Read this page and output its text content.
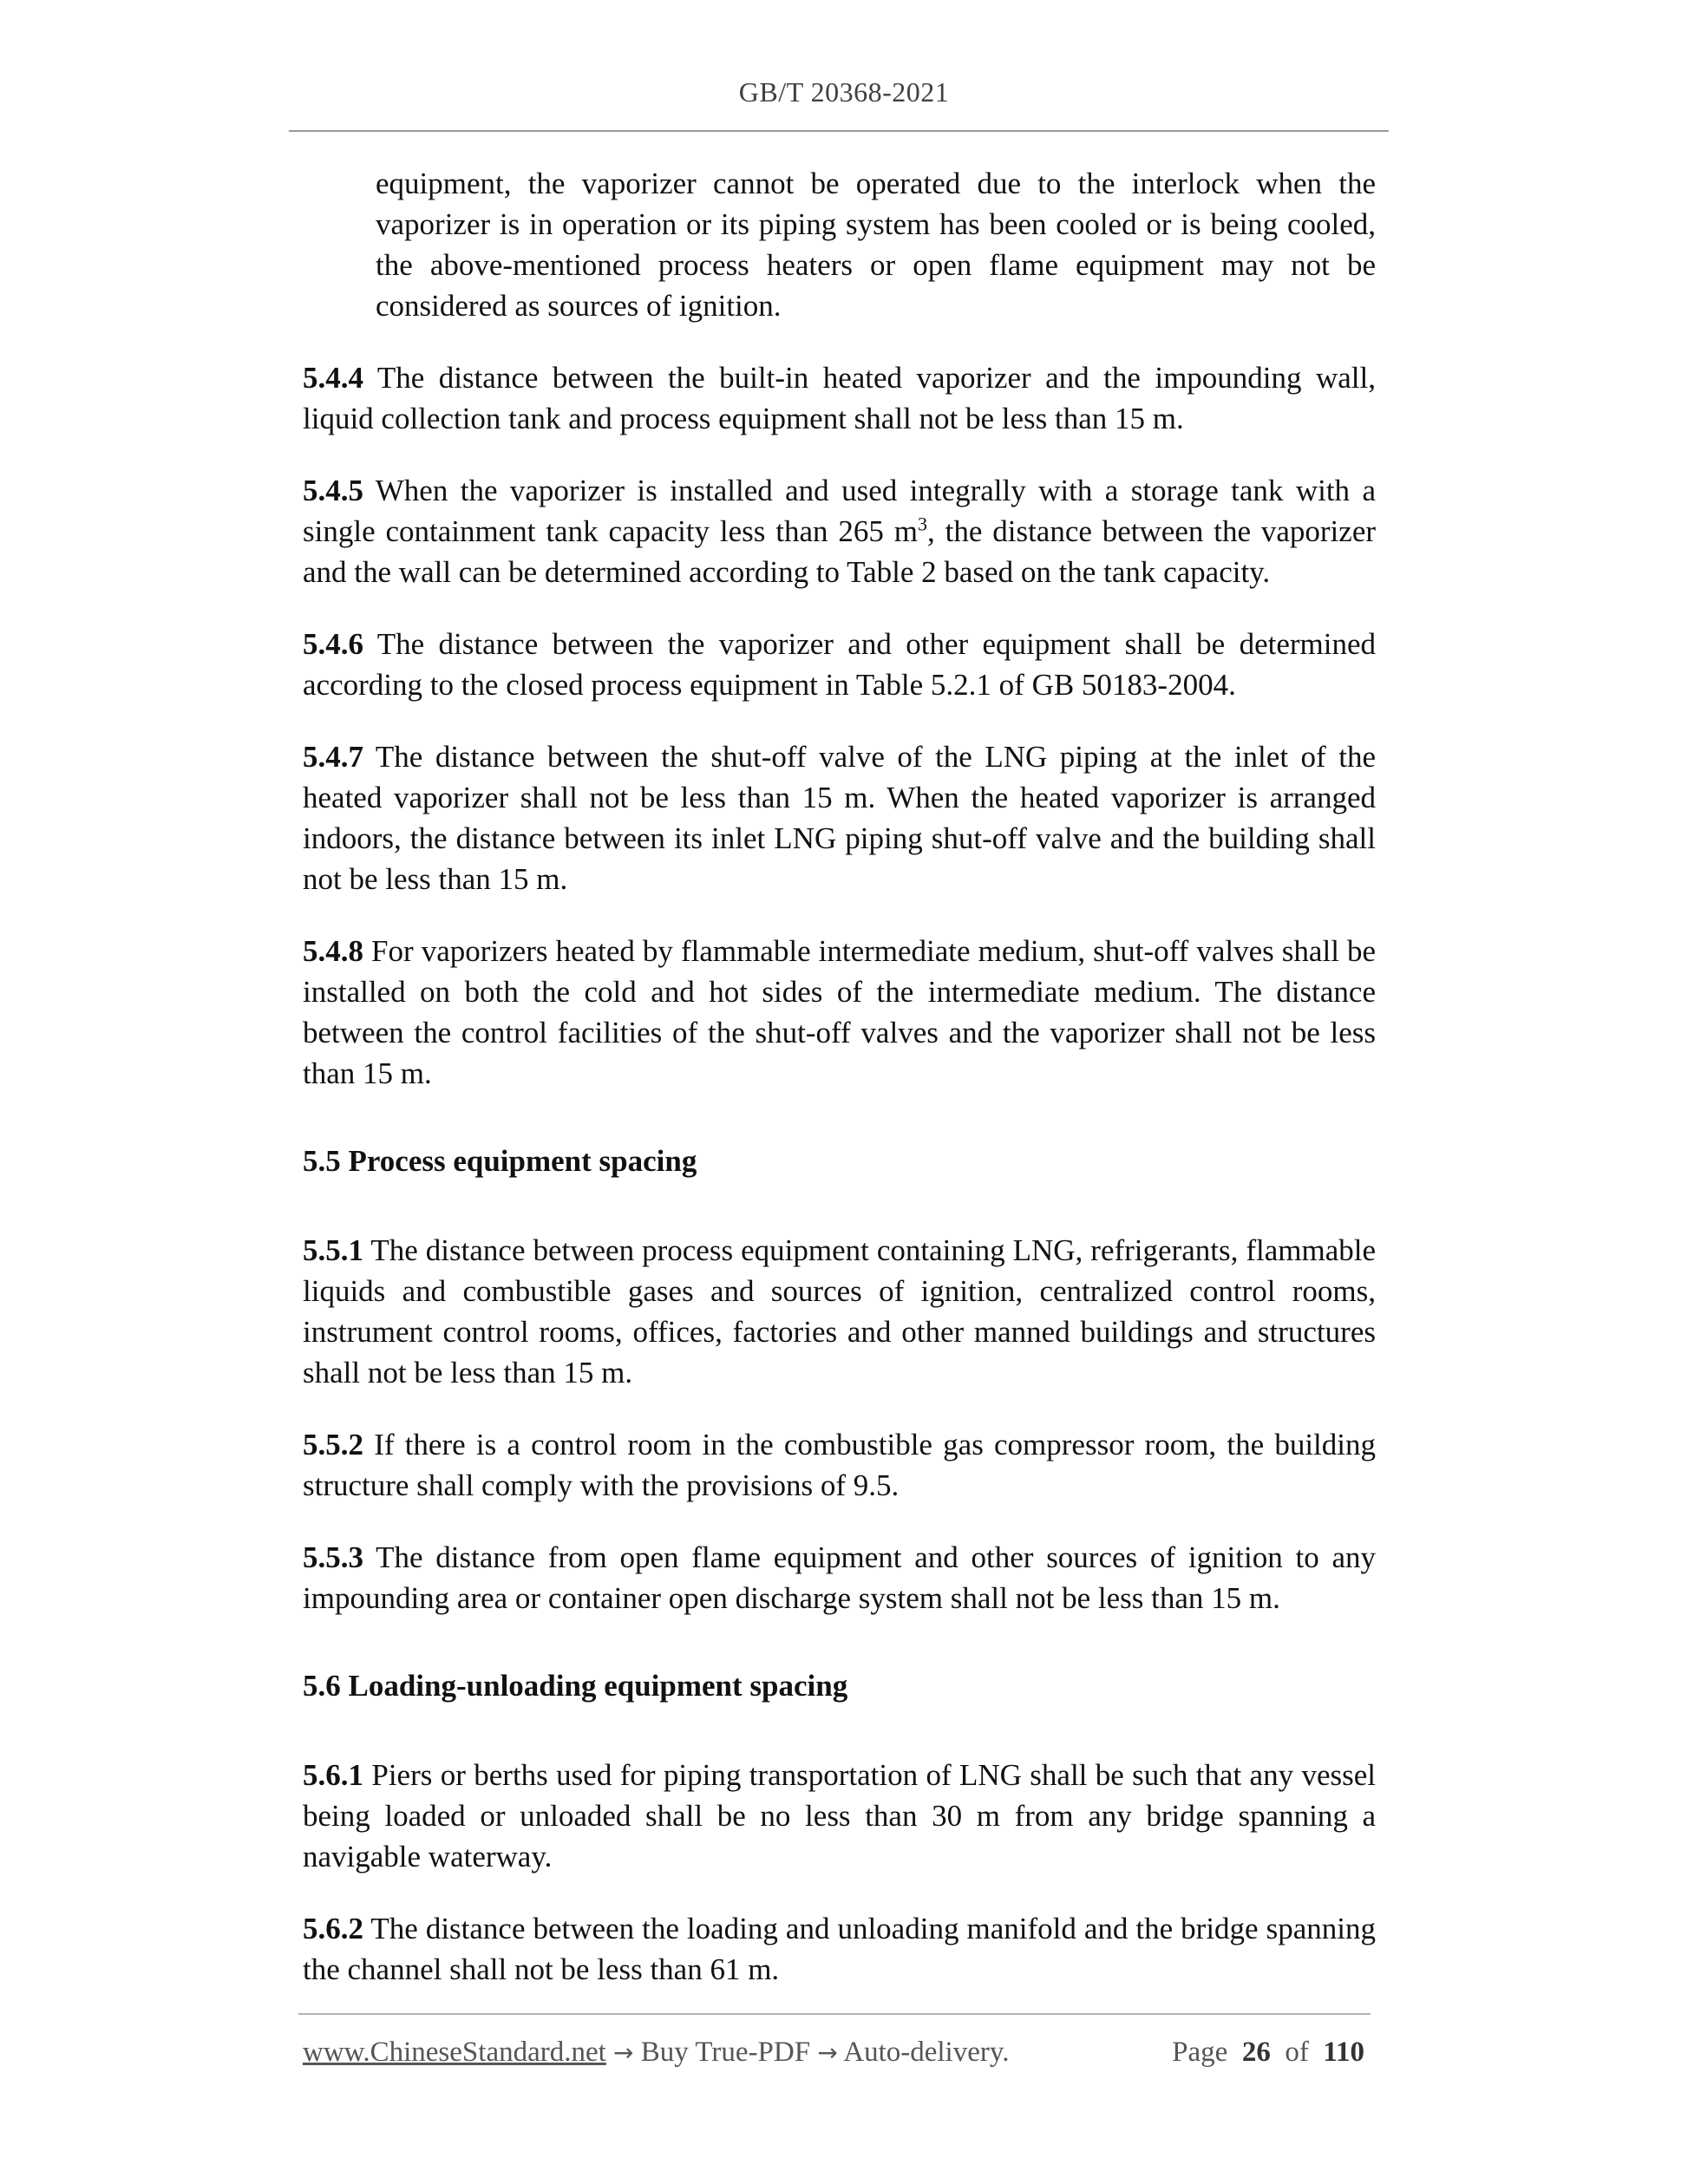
GB/T 20368-2021

equipment, the vaporizer cannot be operated due to the interlock when the vaporizer is in operation or its piping system has been cooled or is being cooled, the above-mentioned process heaters or open flame equipment may not be considered as sources of ignition.

5.4.4 The distance between the built-in heated vaporizer and the impounding wall, liquid collection tank and process equipment shall not be less than 15 m.

5.4.5 When the vaporizer is installed and used integrally with a storage tank with a single containment tank capacity less than 265 $m^3$, the distance between the vaporizer and the wall can be determined according to Table 2 based on the tank capacity.

5.4.6 The distance between the vaporizer and other equipment shall be determined according to the closed process equipment in Table 5.2.1 of GB 50183-2004.

5.4.7 The distance between the shut-off valve of the LNG piping at the inlet of the heated vaporizer shall not be less than 15 m. When the heated vaporizer is arranged indoors, the distance between its inlet LNG piping shut-off valve and the building shall not be less than 15 m.

5.4.8 For vaporizers heated by flammable intermediate medium, shut-off valves shall be installed on both the cold and hot sides of the intermediate medium. The distance between the control facilities of the shut-off valves and the vaporizer shall not be less than 15 m.

5.5 Process equipment spacing

5.5.1 The distance between process equipment containing LNG, refrigerants, flammable liquids and combustible gases and sources of ignition, centralized control rooms, instrument control rooms, offices, factories and other manned buildings and structures shall not be less than 15 m.

5.5.2 If there is a control room in the combustible gas compressor room, the building structure shall comply with the provisions of 9.5.

5.5.3 The distance from open flame equipment and other sources of ignition to any impounding area or container open discharge system shall not be less than 15 m.

5.6 Loading-unloading equipment spacing

5.6.1 Piers or berths used for piping transportation of LNG shall be such that any vessel being loaded or unloaded shall be no less than 30 m from any bridge spanning a navigable waterway.

5.6.2 The distance between the loading and unloading manifold and the bridge spanning the channel shall not be less than 61 m.

www.ChineseStandard.net → Buy True-PDF → Auto-delivery.	Page 26 of 110
